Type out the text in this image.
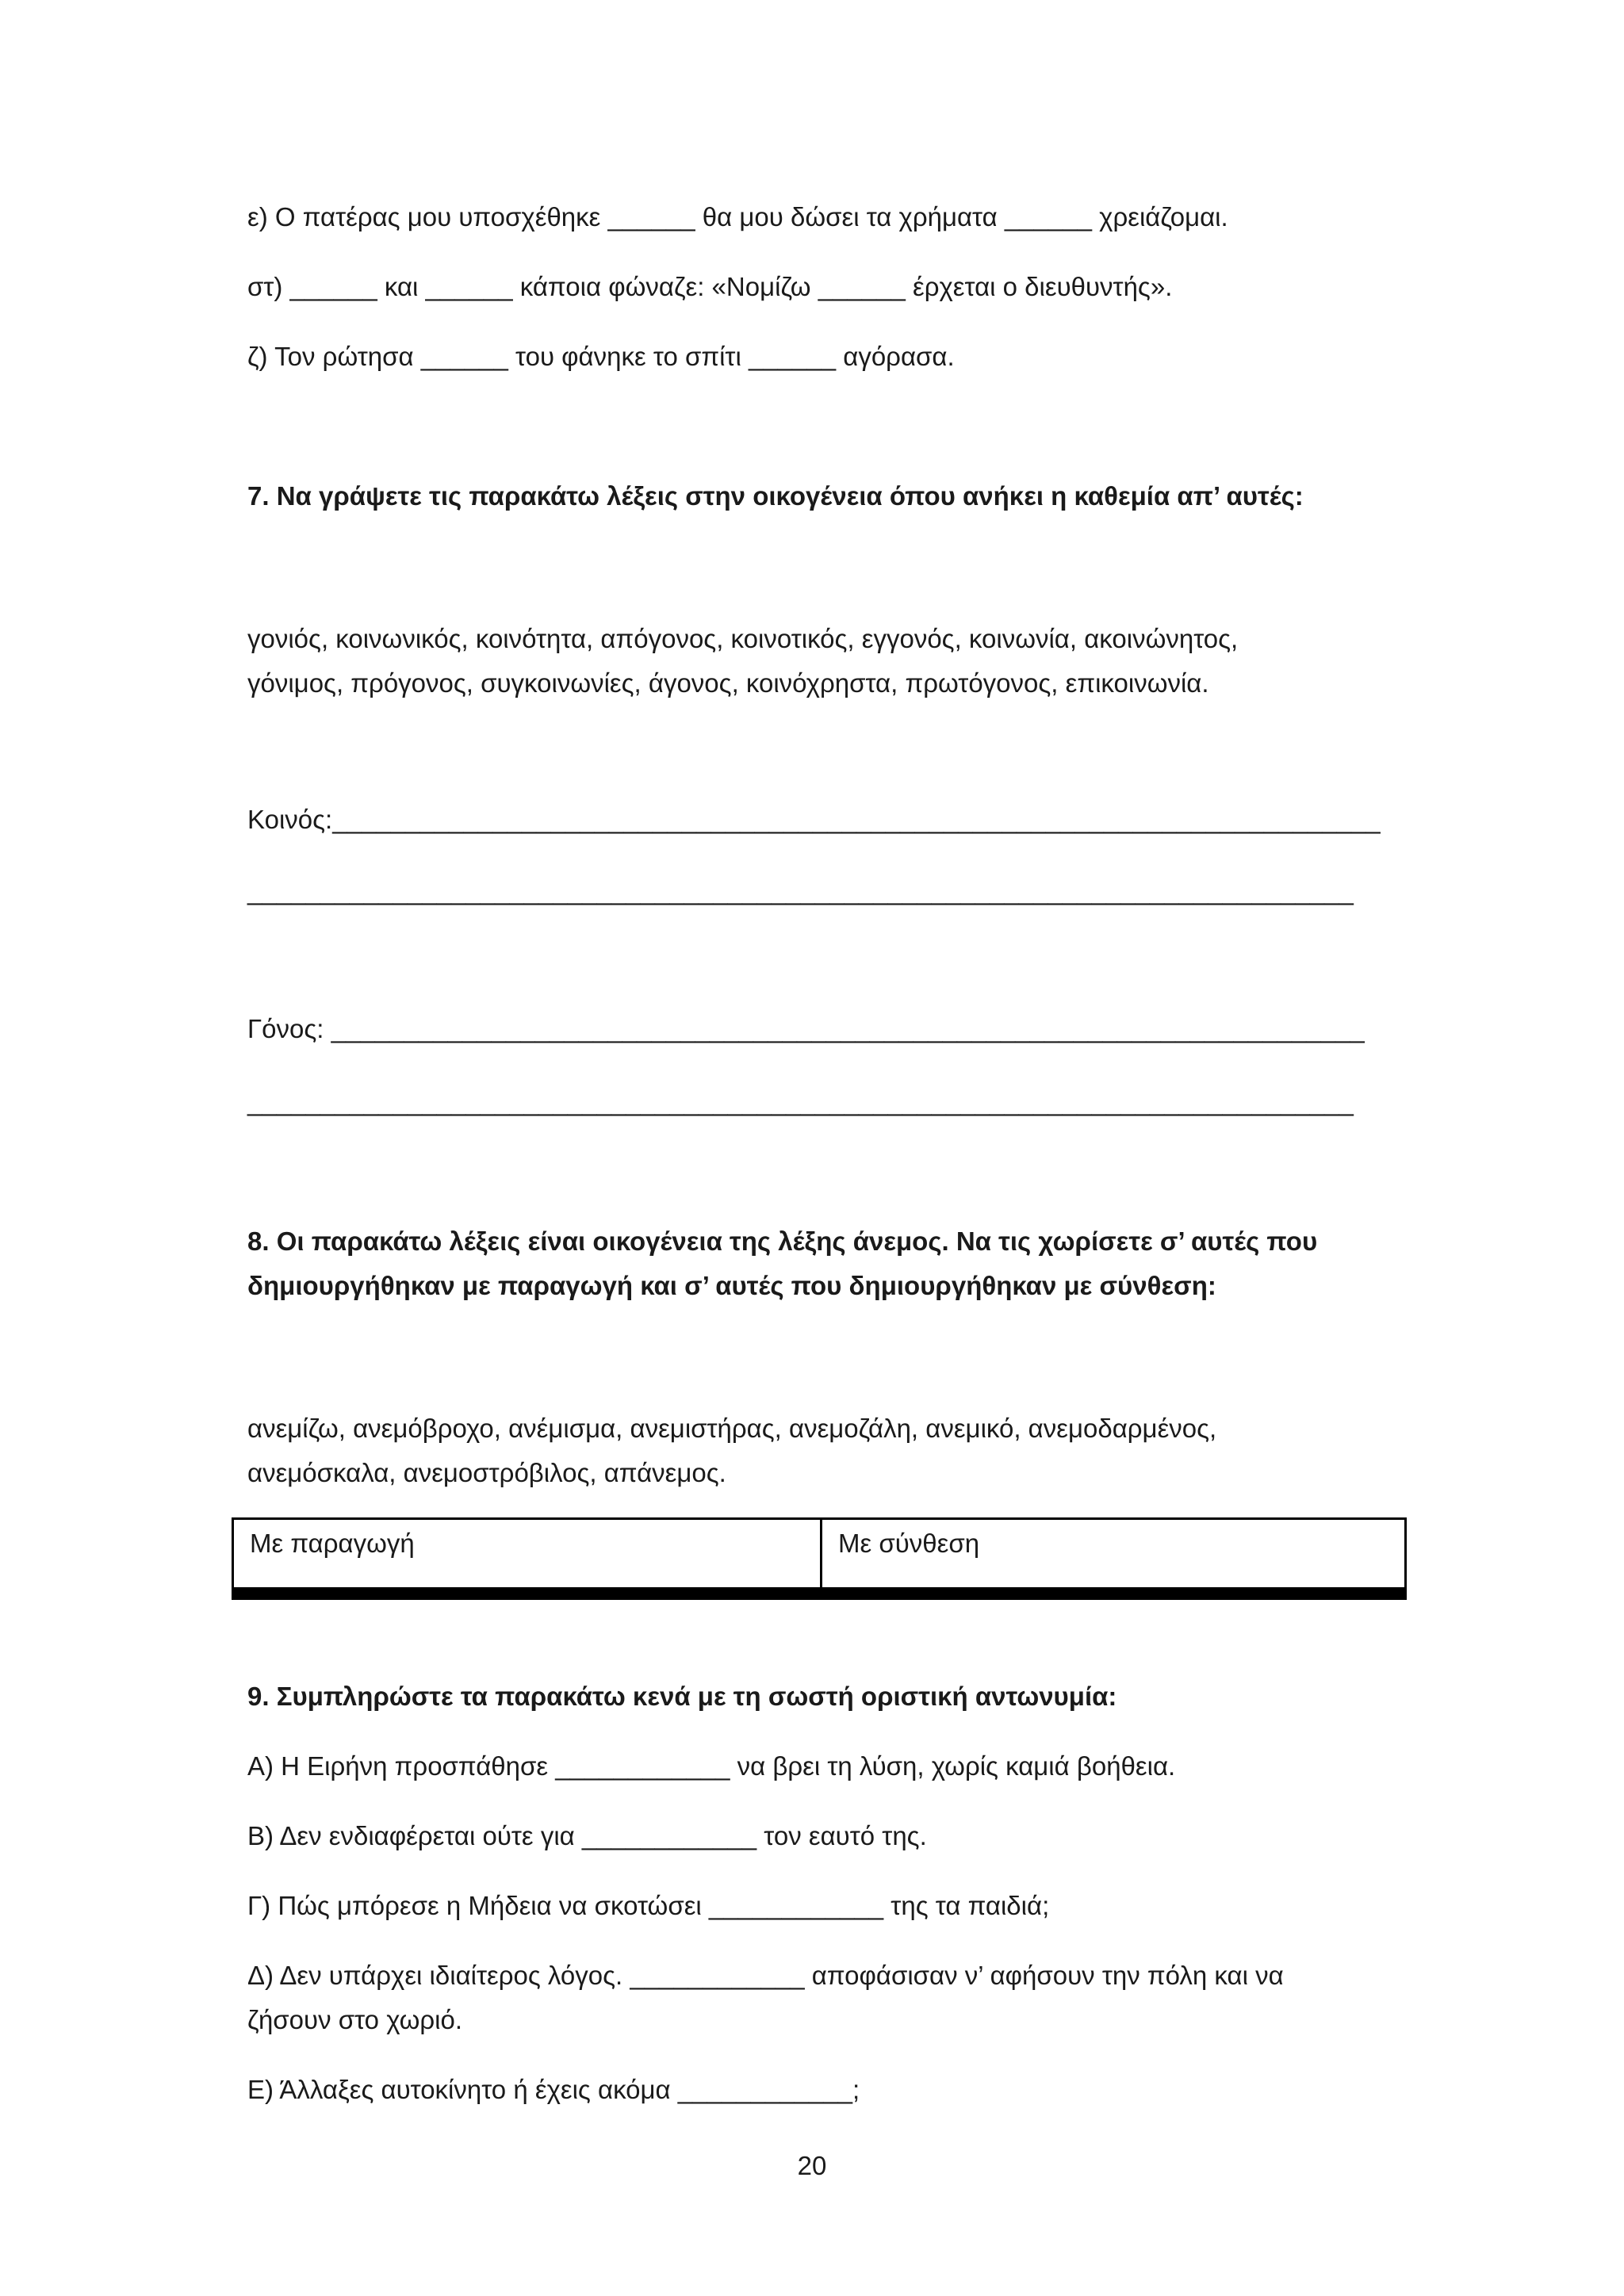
ε) Ο πατέρας μου υποσχέθηκε ______ θα μου δώσει τα χρήματα ______ χρειάζομαι.
στ) ______ και ______ κάποια φώναζε: «Νομίζω ______ έρχεται ο διευθυντής».
ζ) Τον ρώτησα ______ του φάνηκε το σπίτι ______ αγόρασα.
7. Να γράψετε τις παρακάτω λέξεις στην οικογένεια όπου ανήκει η καθεμία απ’ αυτές:
γονιός, κοινωνικός, κοινότητα, απόγονος, κοινοτικός, εγγονός, κοινωνία, ακοινώνητος,
γόνιμος, πρόγονος, συγκοινωνίες, άγονος, κοινόχρηστα, πρωτόγονος, επικοινωνία.
Κοινός:________________________________________________________________________
____________________________________________________________________________
Γόνος: _______________________________________________________________________
____________________________________________________________________________
8. Οι παρακάτω λέξεις είναι οικογένεια της λέξης άνεμος. Να τις χωρίσετε σ’ αυτές που
δημιουργήθηκαν με παραγωγή και σ’ αυτές που δημιουργήθηκαν με σύνθεση:
ανεμίζω, ανεμόβροχο, ανέμισμα, ανεμιστήρας, ανεμοζάλη, ανεμικό, ανεμοδαρμένος,
ανεμόσκαλα, ανεμοστρόβιλος, απάνεμος.
Με παραγωγή	Με σύνθεση
9. Συμπληρώστε τα παρακάτω κενά με τη σωστή οριστική αντωνυμία:
Α) Η Ειρήνη προσπάθησε ____________ να βρει τη λύση, χωρίς καμιά βοήθεια.
Β) Δεν ενδιαφέρεται ούτε για ____________ τον εαυτό της.
Γ) Πώς μπόρεσε η Μήδεια να σκοτώσει ____________ της τα παιδιά;
Δ) Δεν υπάρχει ιδιαίτερος λόγος. ____________ αποφάσισαν ν’ αφήσουν την πόλη και να
ζήσουν στο χωριό.
Ε) Άλλαξες αυτοκίνητο ή έχεις ακόμα ____________;
20
